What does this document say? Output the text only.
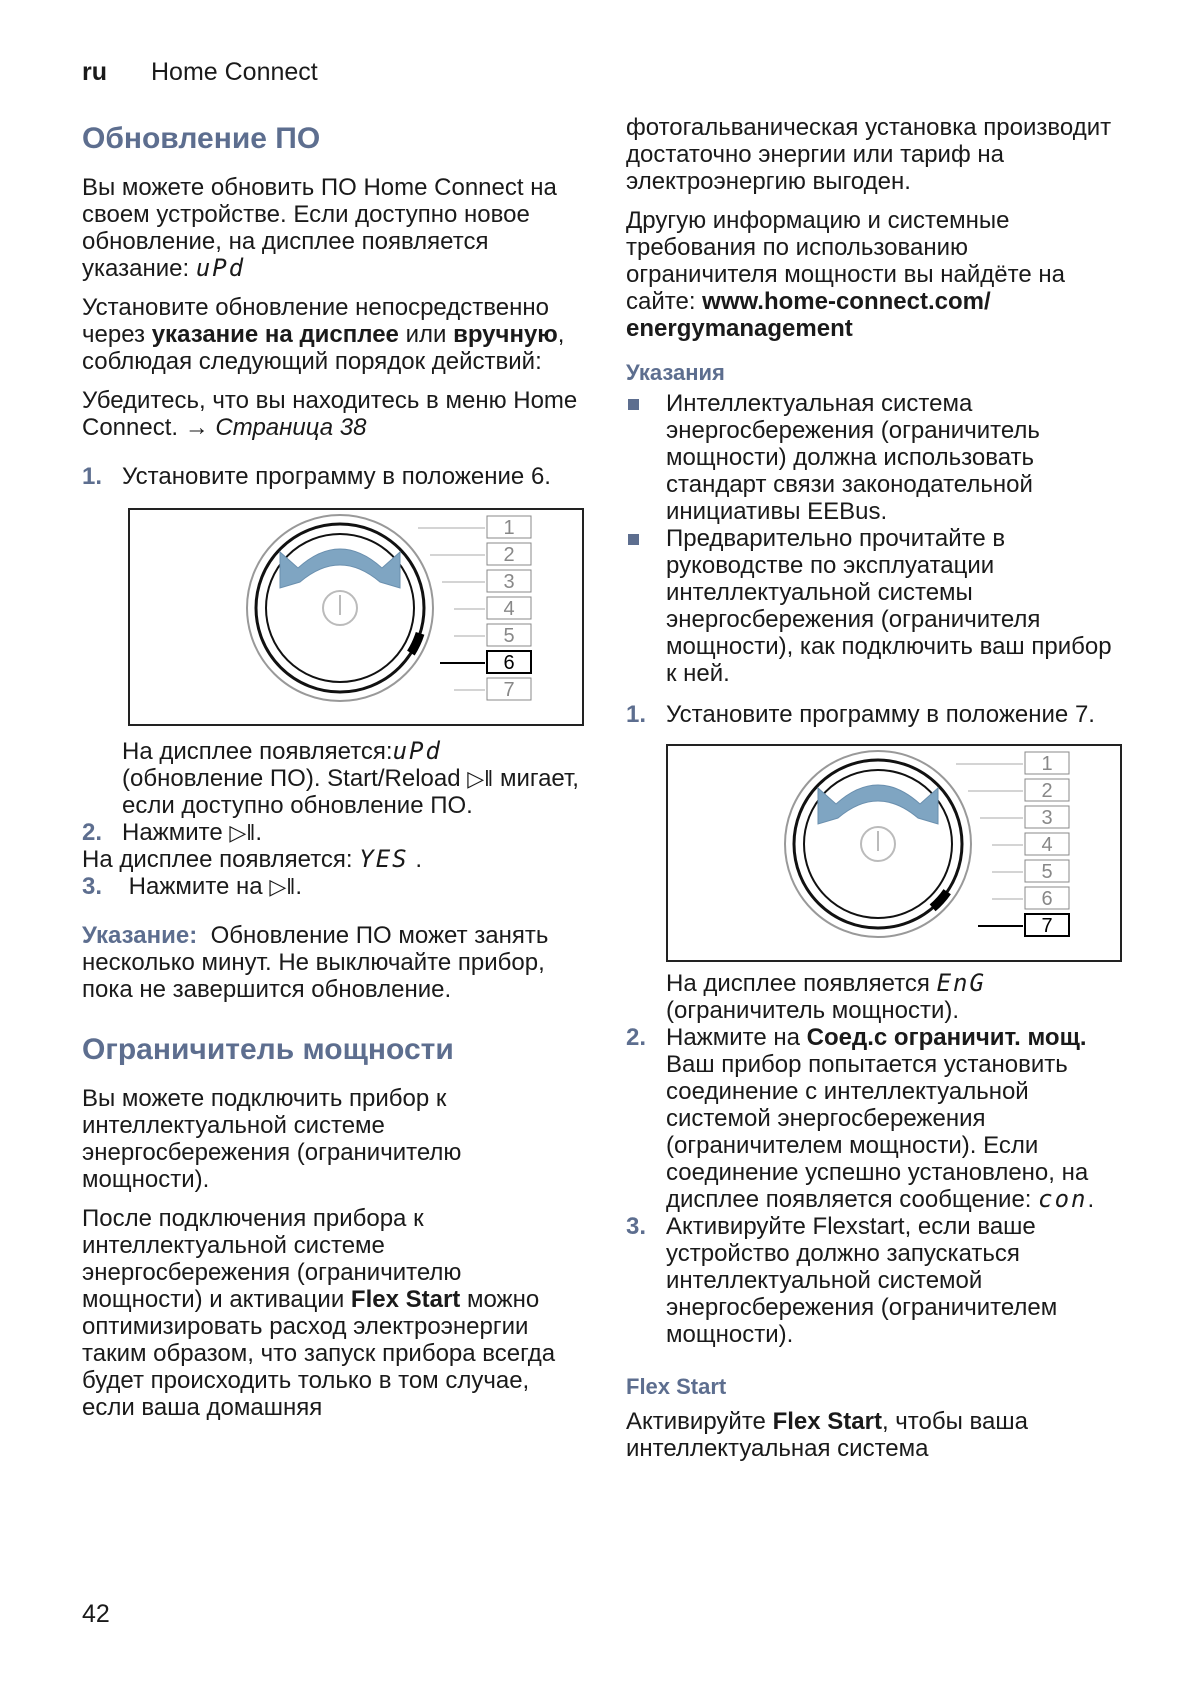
ru Home Connect
Обновление ПО

Вы можете обновить ПО Home Connect на своем устройстве. Если доступно новое обновление, на дисплее появляется указание: uPd

Установите обновление непосредственно через указание на дисплее или вручную, соблюдая следующий порядок действий:

Убедитесь, что вы находитесь в меню Home Connect. → Страница 38

1. Установите программу в положение 6.
1
2
3
4
5
6
7
На дисплее появляется:uPd (обновление ПО). Start/Reload ▷‖ мигает, если доступно обновление ПО.
2. Нажмите ▷‖.
На дисплее появляется: YES .
3. Нажмите на ▷‖.

Указание: Обновление ПО может занять несколько минут. Не выключайте прибор, пока не завершится обновление.

Ограничитель мощности

Вы можете подключить прибор к интеллектуальной системе энергосбережения (ограничителю мощности).

После подключения прибора к интеллектуальной системе энергосбережения (ограничителю мощности) и активации Flex Start можно оптимизировать расход электроэнергии таким образом, что запуск прибора всегда будет происходить только в том случае, если ваша домашняя

фотогальваническая установка производит достаточно энергии или тариф на электроэнергию выгоден.

Другую информацию и системные требования по использованию ограничителя мощности вы найдёте на сайте: www.home-connect.com/ energymanagement

Указания
Интеллектуальная система энергосбережения (ограничитель мощности) должна использовать стандарт связи законодательной инициативы EEBus.
Предварительно прочитайте в руководстве по эксплуатации интеллектуальной системы энергосбережения (ограничителя мощности), как подключить ваш прибор к ней.
1. Установите программу в положение 7.
1
2
3
4
5
6
7
На дисплее появляется EnG (ограничитель мощности).
2. Нажмите на Соед.с ограничит. мощ. Ваш прибор попытается установить соединение с интеллектуальной системой энергосбережения (ограничителем мощности). Если соединение успешно установлено, на дисплее появляется сообщение: con.
3. Активируйте Flexstart, если ваше устройство должно запускаться интеллектуальной системой энергосбережения (ограничителем мощности).
Flex Start

Активируйте Flex Start, чтобы ваша интеллектуальная система

42
